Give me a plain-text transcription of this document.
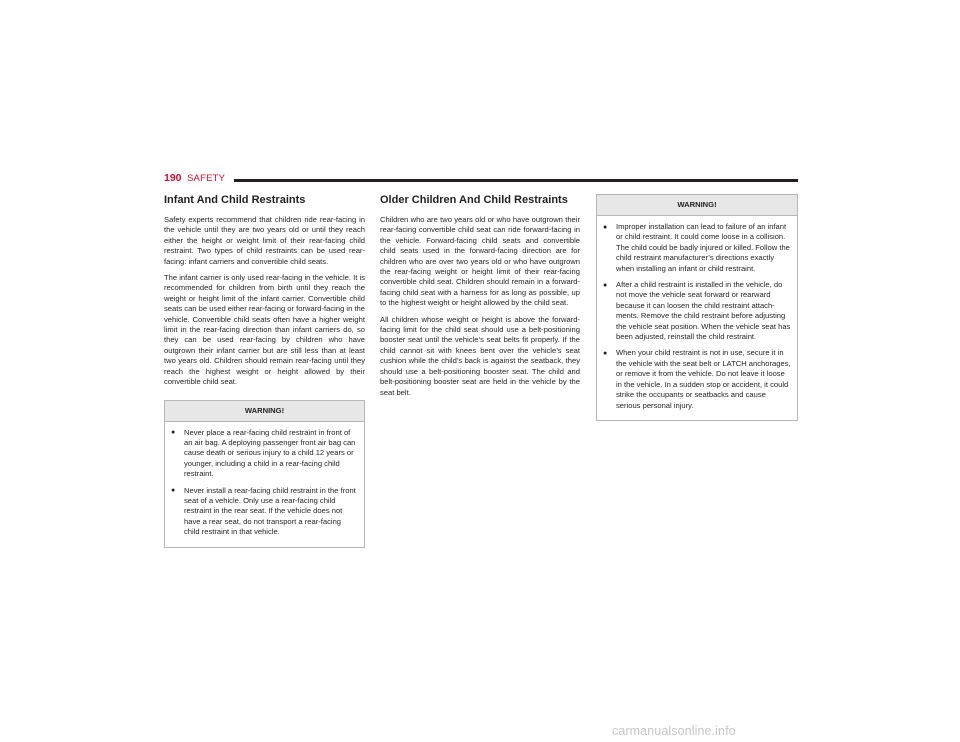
190 SAFETY
Infant And Child Restraints

Safety experts recommend that children ride rear-facing in the vehicle until they are two years old or until they reach either the height or weight limit of their rear-facing child restraint. Two types of child restraints can be used rear-facing: infant carriers and convertible child seats.

The infant carrier is only used rear-facing in the vehicle. It is recommended for children from birth until they reach the weight or height limit of the infant carrier. Convertible child seats can be used either rear-facing or forward-facing in the vehicle. Convertible child seats often have a higher weight limit in the rear-facing direction than infant carriers do, so they can be used rear-facing by children who have outgrown their infant carrier but are still less than at least two years old. Children should remain rear-facing until they reach the highest weight or height allowed by their convertible child seat.

WARNING!
●	Never place a rear-facing child restraint in front of an air bag. A deploying passenger front air bag can cause death or serious injury to a child 12 years or younger, including a child in a rear-facing child restraint.
●	Never install a rear-facing child restraint in the front seat of a vehicle. Only use a rear-facing child restraint in the rear seat. If the vehicle does not have a rear seat, do not transport a rear-facing child restraint in that vehicle.
Older Children And Child Restraints

Children who are two years old or who have outgrown their rear-facing convertible child seat can ride forward-facing in the vehicle. Forward-facing child seats and convertible child seats used in the forward-facing direction are for children who are over two years old or who have outgrown the rear-facing weight or height limit of their rear-facing convertible child seat. Children should remain in a forward-facing child seat with a harness for as long as possible, up to the highest weight or height allowed by the child seat.

All children whose weight or height is above the forward-facing limit for the child seat should use a belt-positioning booster seat until the vehicle’s seat belts fit properly. If the child cannot sit with knees bent over the vehicle’s seat cushion while the child’s back is against the seatback, they should use a belt-positioning booster seat. The child and belt-positioning booster seat are held in the vehicle by the seat belt.

WARNING!
●	Improper installation can lead to failure of an infant or child restraint. It could come loose in a collision. The child could be badly injured or killed. Follow the child restraint manufacturer’s directions exactly when installing an infant or child restraint.
●	After a child restraint is installed in the vehicle, do not move the vehicle seat forward or rearward because it can loosen the child restraint attach-ments. Remove the child restraint before adjusting the vehicle seat position. When the vehicle seat has been adjusted, reinstall the child restraint.
●	When your child restraint is not in use, secure it in the vehicle with the seat belt or LATCH anchorages, or remove it from the vehicle. Do not leave it loose in the vehicle. In a sudden stop or accident, it could strike the occupants or seatbacks and cause serious personal injury.
carmanualsonline.info
